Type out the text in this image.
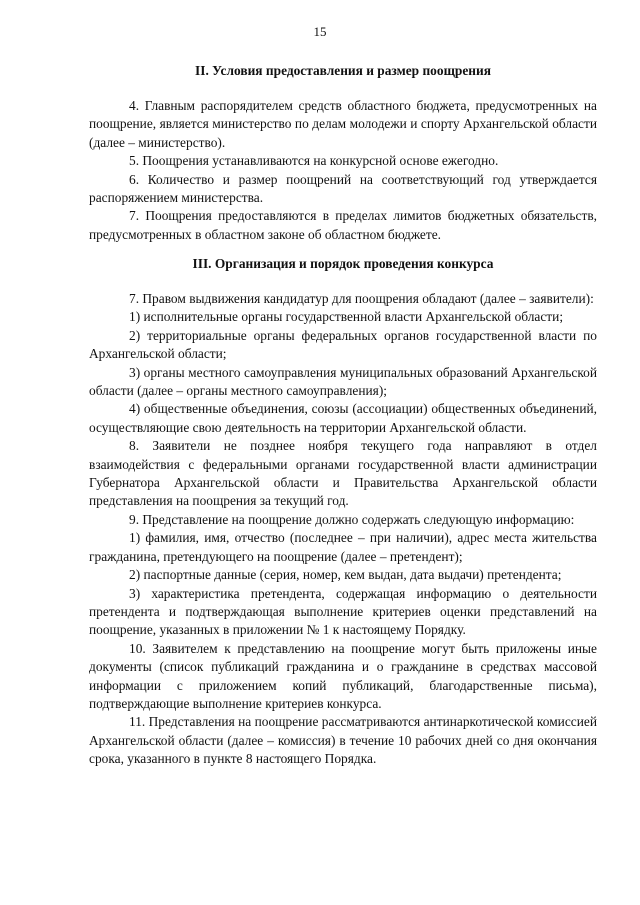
15
II. Условия предоставления и размер поощрения

4. Главным распорядителем средств областного бюджета, предусмотренных на поощрение, является министерство по делам молодежи и спорту Архангельской области (далее – министерство).

5. Поощрения устанавливаются на конкурсной основе ежегодно.

6. Количество и размер поощрений на соответствующий год утверждается распоряжением министерства.

7. Поощрения предоставляются в пределах лимитов бюджетных обязательств, предусмотренных в областном законе об областном бюджете.

III. Организация и порядок проведения конкурса

7. Правом выдвижения кандидатур для поощрения обладают (далее – заявители):

1) исполнительные органы государственной власти Архангельской области;

2) территориальные органы федеральных органов государственной власти по Архангельской области;

3) органы местного самоуправления муниципальных образований Архангельской области (далее – органы местного самоуправления);

4) общественные объединения, союзы (ассоциации) общественных объединений, осуществляющие свою деятельность на территории Архангельской области.

8. Заявители не позднее ноября текущего года направляют в отдел взаимодействия с федеральными органами государственной власти администрации Губернатора Архангельской области и Правительства Архангельской области представления на поощрения за текущий год.

9. Представление на поощрение должно содержать следующую информацию:

1) фамилия, имя, отчество (последнее – при наличии), адрес места жительства гражданина, претендующего на поощрение (далее – претендент);

2) паспортные данные (серия, номер, кем выдан, дата выдачи) претендента;

3) характеристика претендента, содержащая информацию о деятельности претендента и подтверждающая выполнение критериев оценки представлений на поощрение, указанных в приложении № 1 к настоящему Порядку.

10. Заявителем к представлению на поощрение могут быть приложены иные документы (список публикаций гражданина и о гражданине в средствах массовой информации с приложением копий публикаций, благодарственные письма), подтверждающие выполнение критериев конкурса.

11. Представления на поощрение рассматриваются антинаркотической комиссией Архангельской области (далее – комиссия) в течение 10 рабочих дней со дня окончания срока, указанного в пункте 8 настоящего Порядка.
